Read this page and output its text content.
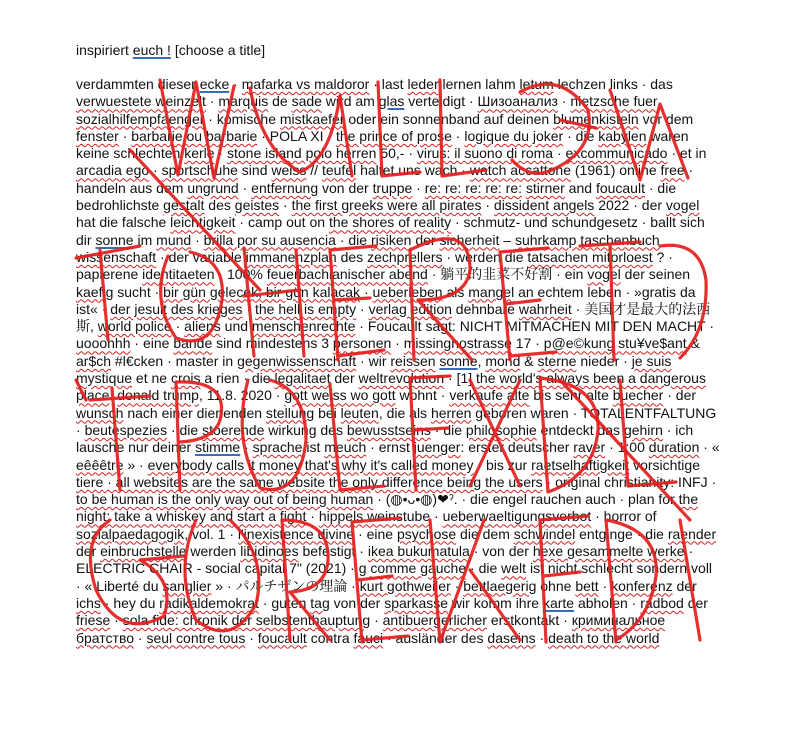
inspiriert euch ! [choose a title]
verdammten dieser ecke · mafarka vs maldoror · last leder lernen lahm letum lechzen links · das verwuestete weinzelt · marquis de sade wird am glas verteidigt · Шизоанализ · nietzsche fuer sozialhilfempfaenger · komische mistkaefer oder ein sonnenband auf deinen blumenkisteln vor dem fenster · barbarie ou barbarie · POLA XI · the prince of prose · logique du joker · die kabylen waren keine schlechten kerle · stone island polo herren 50,- · virus: il suono di roma · excommunicado · et in arcadia ego · sportschuhe sind weiss // teufel haltet uns wach · watch accattone (1961) online free · handeln aus dem ungrund · entfernung von der truppe · re: re: re: re: re: stirner and foucault · die bedrohlichste gestalt des geistes · the first greeks were all pirates · dissident angels 2022 · der vogel hat die falsche leichtigkeit · camp out on the shores of reality · schmutz- und schundgesetz · ballt sich dir sonne im mund · brilla por su ausencia · die risiken der sicherheit – suhrkamp taschenbuch wissenschaft · der variable immanenzplan des zechprellers · werden die tatsachen mitorloest ? · papierene identitaeten · 100% feuerbachianischer abend · 躺平的韭菜不好割 · ein vogel der seinen kaefig sucht · bir gün gelecek, bir gün kalacak · ueberleben als mangel an echtem leben · »gratis da ist« · der jesuit des krieges · the hell is empty · verlag edition dehnbare wahrheit · 美国才是最大的法西斯, world police · aliens und menschenrechte · Foucault sagt: NICHT MITMACHEN MIT DEN MACHT · uooohhh · eine bande sind mindestens 3 personen · missingnostrasse 17 · p@e©kung stu¥ve$ant & ar$ch #l€cken · master in gegenwissenschaft · wir reissen sonne, mond & sterne nieder · je suis mystique et ne crois a rien · die legalitaet der weltrevolution · [1] the world's always been a dangerous place. donald trump, 11.8. 2020 · gott weiss wo gott wohnt · verkaufe alte bis sehr alte buecher · der wunsch nach einer dienenden stellung bei leuten, die als herren geboren waren · TOTALENTFALTUNG · beutespezies · die stoerende wirkung des bewusstseins · die philosophie entdeckt das gehirn · ich lausche nur deiner stimme · sprache ist meuch · ernst juenger: erster deutscher raver · 1:00 duration · « eêêêtre » · everybody calls it money that's why it's called money · bis zur raetselhaftigkeit vorsichtige tiere · all websites are the same website the only difference being the users · original christianity: INFJ · to be human is the only way out of being human · (◍•ᴗ•◍)❤ˀ. · die engel rauchen auch · plan for the night: take a whiskey and start a fight · hippels weinstube · ueberwaeltigungsverbot · horror of sozialpaedagogik, vol. 1 · l'inexistence divine · eine psychose die dem schwindel entginge · die raender der einbruchstelle werden libidinoes befestigt · ikea bukumatula · von der hexe gesammelte werke · ELECTRIC CHAIR - social capital 7" (2021) · g comme gauche · die welt ist nicht schlecht sondern voll · « Liberté du sanglier » · パルチザンの理論 · kurt gothweiler · bettlaegerig ohne bett · konferenz der ichs · hey du radikaldemokrat · guten tag von der sparkasse wir komm ihre karte abholen · radbod der friese · sola fide: chronik der selbstenthauptung · antibuergerlicher erstkontakt · криминальное братство · seul contre tous · foucault contra fauci · ausländer des daseins · death to the world
